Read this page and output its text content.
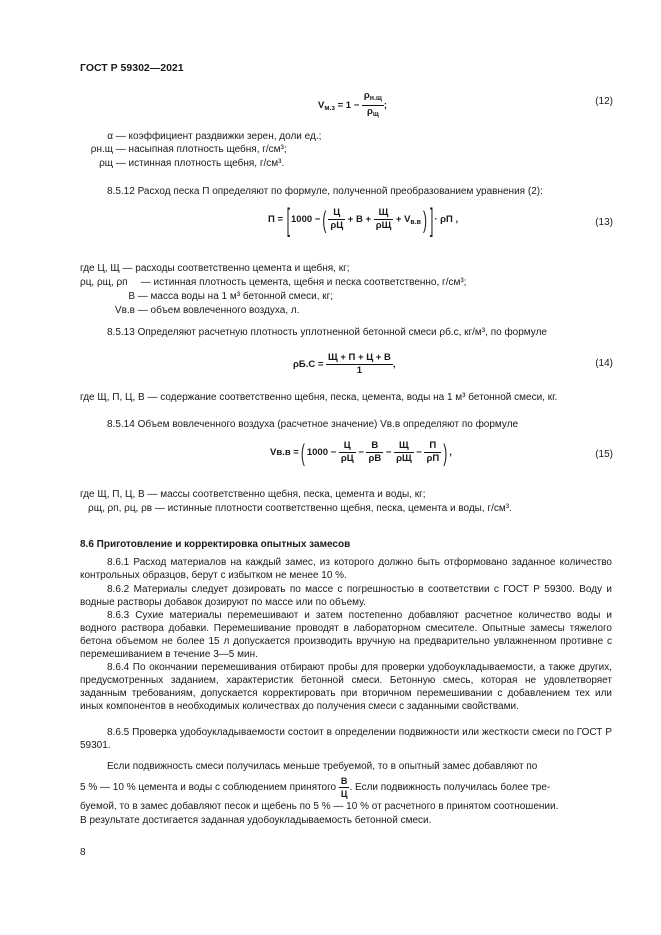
ГОСТ Р 59302—2021
$V_{м.з} = 1 - \frac{\rho_{н.щ}}{\rho_щ}$ ;	(12)
α — коэффициент раздвижки зерен, доли ед.;
ρн.щ — насыпная плотность щебня, г/см³;
ρщ — истинная плотность щебня, г/см³.
8.5.12 Расход песка П определяют по формуле, полученной преобразованием уравнения (2):
П = [1000 − ( $\frac{Ц}{\rho Ц} + В + \frac{Щ}{\rho Щ} + V_{в.в}$ ) ]· ρП ,	(13)
где Ц, Щ — расходы соответственно цемента и щебня, кг;
ρц, ρщ, ρп — истинная плотность цемента, щебня и песка соответственно, г/см³;
В — масса воды на 1 м³ бетонной смеси, кг;
Vв.в — объем вовлеченного воздуха, л.
8.5.13 Определяют расчетную плотность уплотненной бетонной смеси ρб.с, кг/м³, по формуле
$\rho Б.С = \frac{Щ + П + Ц + В}{1}$ ,	(14)
где Щ, П, Ц, В — содержание соответственно щебня, песка, цемента, воды на 1 м³ бетонной смеси, кг.
8.5.14 Объем вовлеченного воздуха (расчетное значение) Vв.в определяют по формуле
Vв.в = ( $1000 - \frac{Ц}{\rho Ц} - \frac{В}{\rho В} - \frac{Щ}{\rho Щ} - \frac{П}{\rho П}$ ) ,	(15)
где Щ, П, Ц, В — массы соответственно щебня, песка, цемента и воды, кг;
ρщ, ρп, ρц, ρв — истинные плотности соответственно щебня, песка, цемента и воды, г/см³.
8.6 Приготовление и корректировка опытных замесов
8.6.1 Расход материалов на каждый замес, из которого должно быть отформовано заданное количество контрольных образцов, берут с избытком не менее 10 %.
8.6.2 Материалы следует дозировать по массе с погрешностью в соответствии с ГОСТ Р 59300. Воду и водные растворы добавок дозируют по массе или по объему.
8.6.3 Сухие материалы перемешивают и затем постепенно добавляют расчетное количество воды и водного раствора добавки. Перемешивание проводят в лабораторном смесителе. Опытные замесы тяжелого бетона объемом не более 15 л допускается производить вручную на предварительно увлажненном противне с перемешиванием в течение 3—5 мин.
8.6.4 По окончании перемешивания отбирают пробы для проверки удобоукладываемости, а также других, предусмотренных заданием, характеристик бетонной смеси. Бетонную смесь, которая не удовлетворяет заданным требованиям, допускается корректировать при вторичном перемешивании с добавлением тех или иных компонентов в необходимых количествах до получения смеси с заданными свойствами.
8.6.5 Проверка удобоукладываемости состоит в определении подвижности или жесткости смеси по ГОСТ Р 59301.
Если подвижность смеси получилась меньше требуемой, то в опытный замес добавляют по
5 % — 10 % цемента и воды с соблюдением принятого $\frac{В}{Ц}$ . Если подвижность получилась более тре-
буемой, то в замес добавляют песок и щебень по 5 % — 10 % от расчетного в принятом соотношении.
В результате достигается заданная удобоукладываемость бетонной смеси.
8
